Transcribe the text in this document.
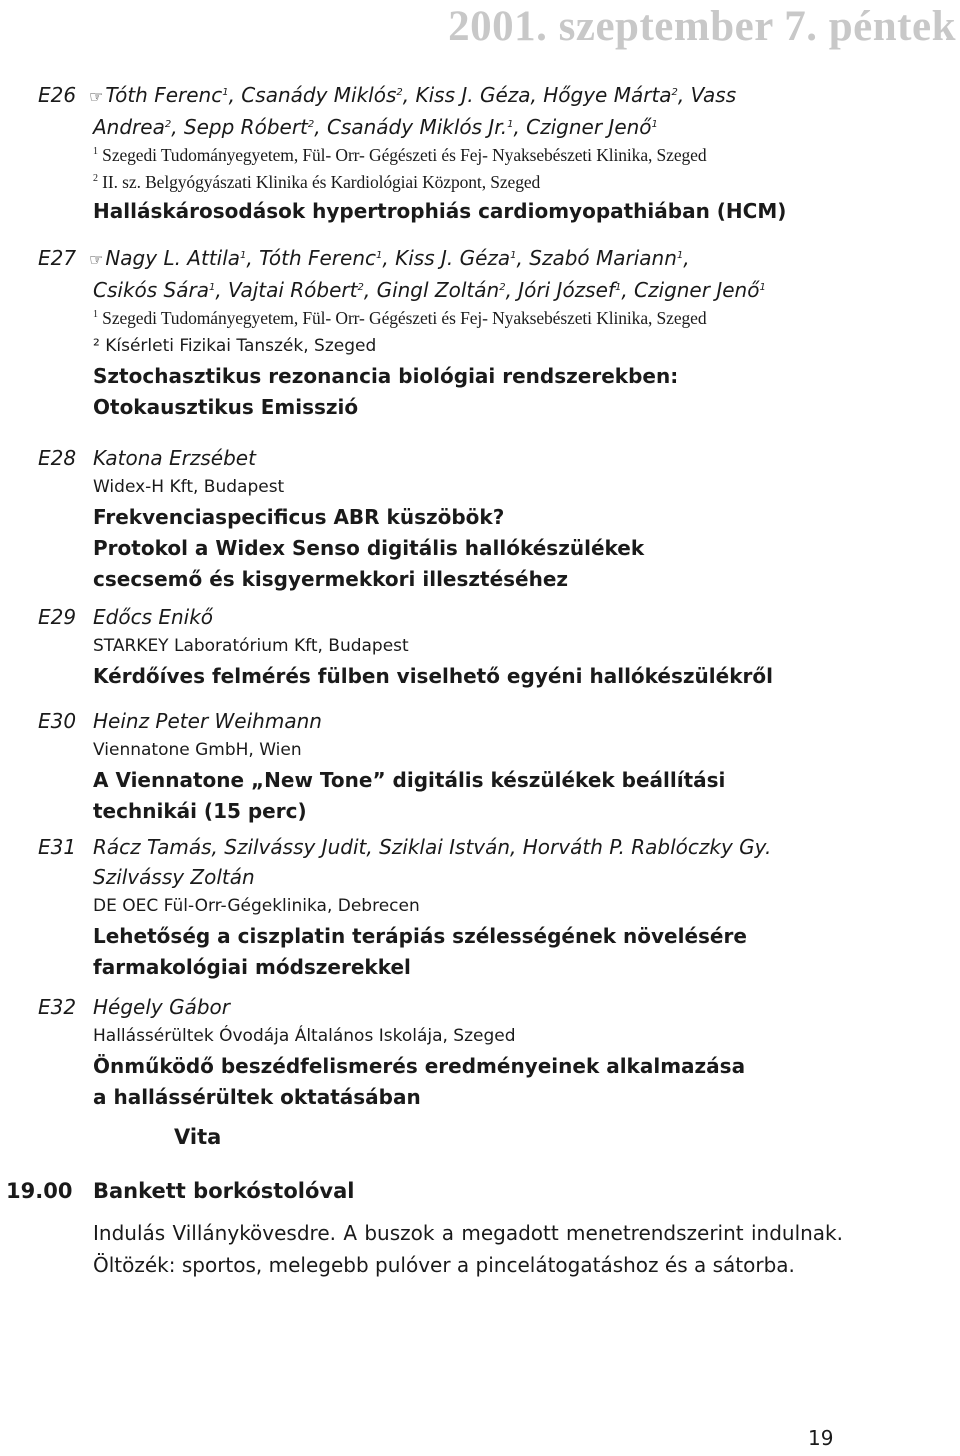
2001. szeptember 7. péntek
E26 ☞ Tóth Ferenc$^1$, Csanády Miklós$^2$, Kiss J. Géza, Hőgye Márta$^2$, Vass
Andrea$^2$, Sepp Róbert$^2$, Csanády Miklós Jr.$^1$, Czigner Jenő$^1$
$^1$ Szegedi Tudományegyetem, Fül- Orr- Gégészeti és Fej- Nyaksebészeti Klinika, Szeged
$^2$ II. sz. Belgyógyászati Klinika és Kardiológiai Központ, Szeged
Halláskárosodások hypertrophiás cardiomyopathiában (HCM)
E27 ☞ Nagy L. Attila$^1$, Tóth Ferenc$^1$, Kiss J. Géza$^1$, Szabó Mariann$^1$,
Csikós Sára$^1$, Vajtai Róbert$^2$, Gingl Zoltán$^2$, Jóri József$^1$, Czigner Jenő$^1$
$^1$ Szegedi Tudományegyetem, Fül- Orr- Gégészeti és Fej- Nyaksebészeti Klinika, Szeged
² Kísérleti Fizikai Tanszék, Szeged
Sztochasztikus rezonancia biológiai rendszerekben:
Otokausztikus Emisszió
E28 Katona Erzsébet
Widex-H Kft, Budapest
Frekvenciaspecificus ABR küszöbök?
Protokol a Widex Senso digitális hallókészülékek
csecsemő és kisgyermekkori illesztéséhez
E29 Edőcs Enikő
STARKEY Laboratórium Kft, Budapest
Kérdőíves felmérés fülben viselhető egyéni hallókészülékről
E30 Heinz Peter Weihmann
Viennatone GmbH, Wien
A Viennatone „New Tone” digitális készülékek beállítási
technikái (15 perc)
E31 Rácz Tamás, Szilvássy Judit, Sziklai István, Horváth P. Rablóczky Gy.
Szilvássy Zoltán
DE OEC Fül-Orr-Gégeklinika, Debrecen
Lehetőség a ciszplatin terápiás szélességének növelésére
farmakológiai módszerekkel
E32 Hégely Gábor
Hallássérültek Óvodája Általános Iskolája, Szeged
Önműködő beszédfelismerés eredményeinek alkalmazása
a hallássérültek oktatásában
Vita
19.00 Bankett borkóstolóval
Indulás Villánykövesdre. A buszok a megadott menetrendszerint indulnak. Öltözék: sportos, melegebb pulóver a pincelátogatáshoz és a sátorba.
19
